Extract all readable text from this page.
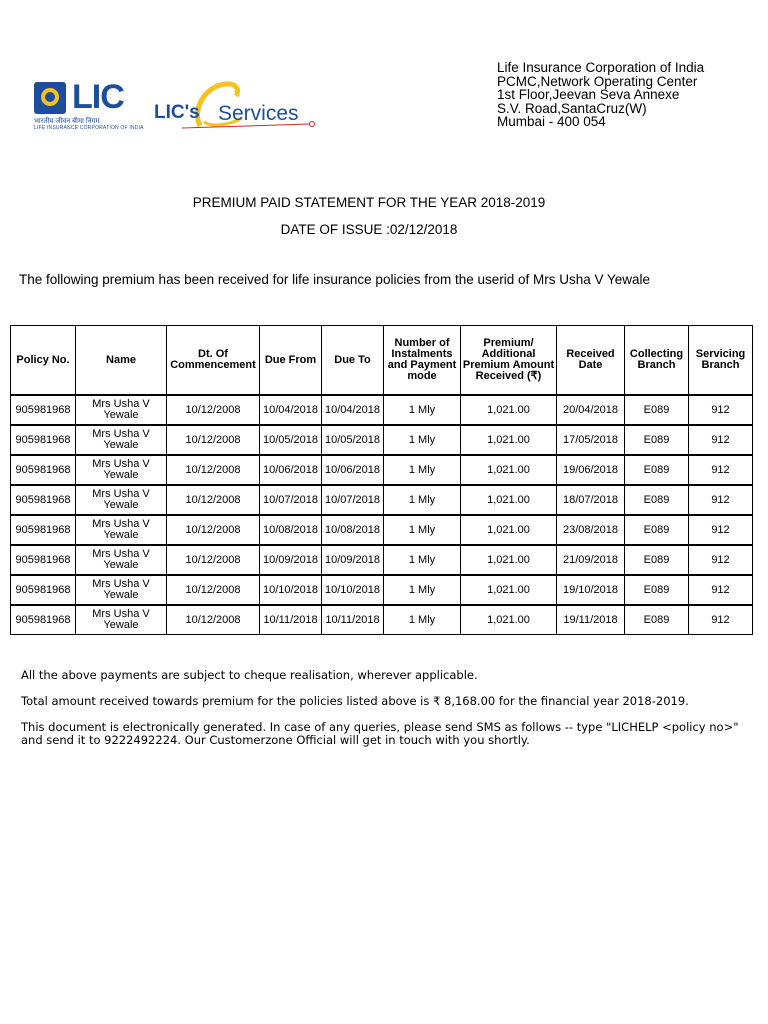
LIC
भारतीय जीवन बीमा निगम
LIFE INSURANCE CORPORATION OF INDIA
LIC's Services
Life Insurance Corporation of India
PCMC,Network Operating Center
1st Floor,Jeevan Seva Annexe
S.V. Road,SantaCruz(W)
Mumbai - 400 054
PREMIUM PAID STATEMENT FOR THE YEAR 2018-2019
DATE OF ISSUE :02/12/2018
The following premium has been received for life insurance policies from the userid of Mrs Usha V Yewale
Policy No.	Name	Dt. Of Commencement	Due From	Due To	Number of Instalments and Payment mode	Premium/ Additional Premium Amount Received (₹)	Received Date	Collecting Branch	Servicing Branch
905981968	Mrs Usha V Yewale	10/12/2008	10/04/2018	10/04/2018	1 Mly	1,021.00	20/04/2018	E089	912
905981968	Mrs Usha V Yewale	10/12/2008	10/05/2018	10/05/2018	1 Mly	1,021.00	17/05/2018	E089	912
905981968	Mrs Usha V Yewale	10/12/2008	10/06/2018	10/06/2018	1 Mly	1,021.00	19/06/2018	E089	912
905981968	Mrs Usha V Yewale	10/12/2008	10/07/2018	10/07/2018	1 Mly	1,021.00	18/07/2018	E089	912
905981968	Mrs Usha V Yewale	10/12/2008	10/08/2018	10/08/2018	1 Mly	1,021.00	23/08/2018	E089	912
905981968	Mrs Usha V Yewale	10/12/2008	10/09/2018	10/09/2018	1 Mly	1,021.00	21/09/2018	E089	912
905981968	Mrs Usha V Yewale	10/12/2008	10/10/2018	10/10/2018	1 Mly	1,021.00	19/10/2018	E089	912
905981968	Mrs Usha V Yewale	10/12/2008	10/11/2018	10/11/2018	1 Mly	1,021.00	19/11/2018	E089	912

All the above payments are subject to cheque realisation, wherever applicable.

Total amount received towards premium for the policies listed above is ₹ 8,168.00 for the financial year 2018-2019.

This document is electronically generated. In case of any queries, please send SMS as follows -- type "LICHELP <policy no>" and send it to 9222492224. Our Customerzone Official will get in touch with you shortly.
